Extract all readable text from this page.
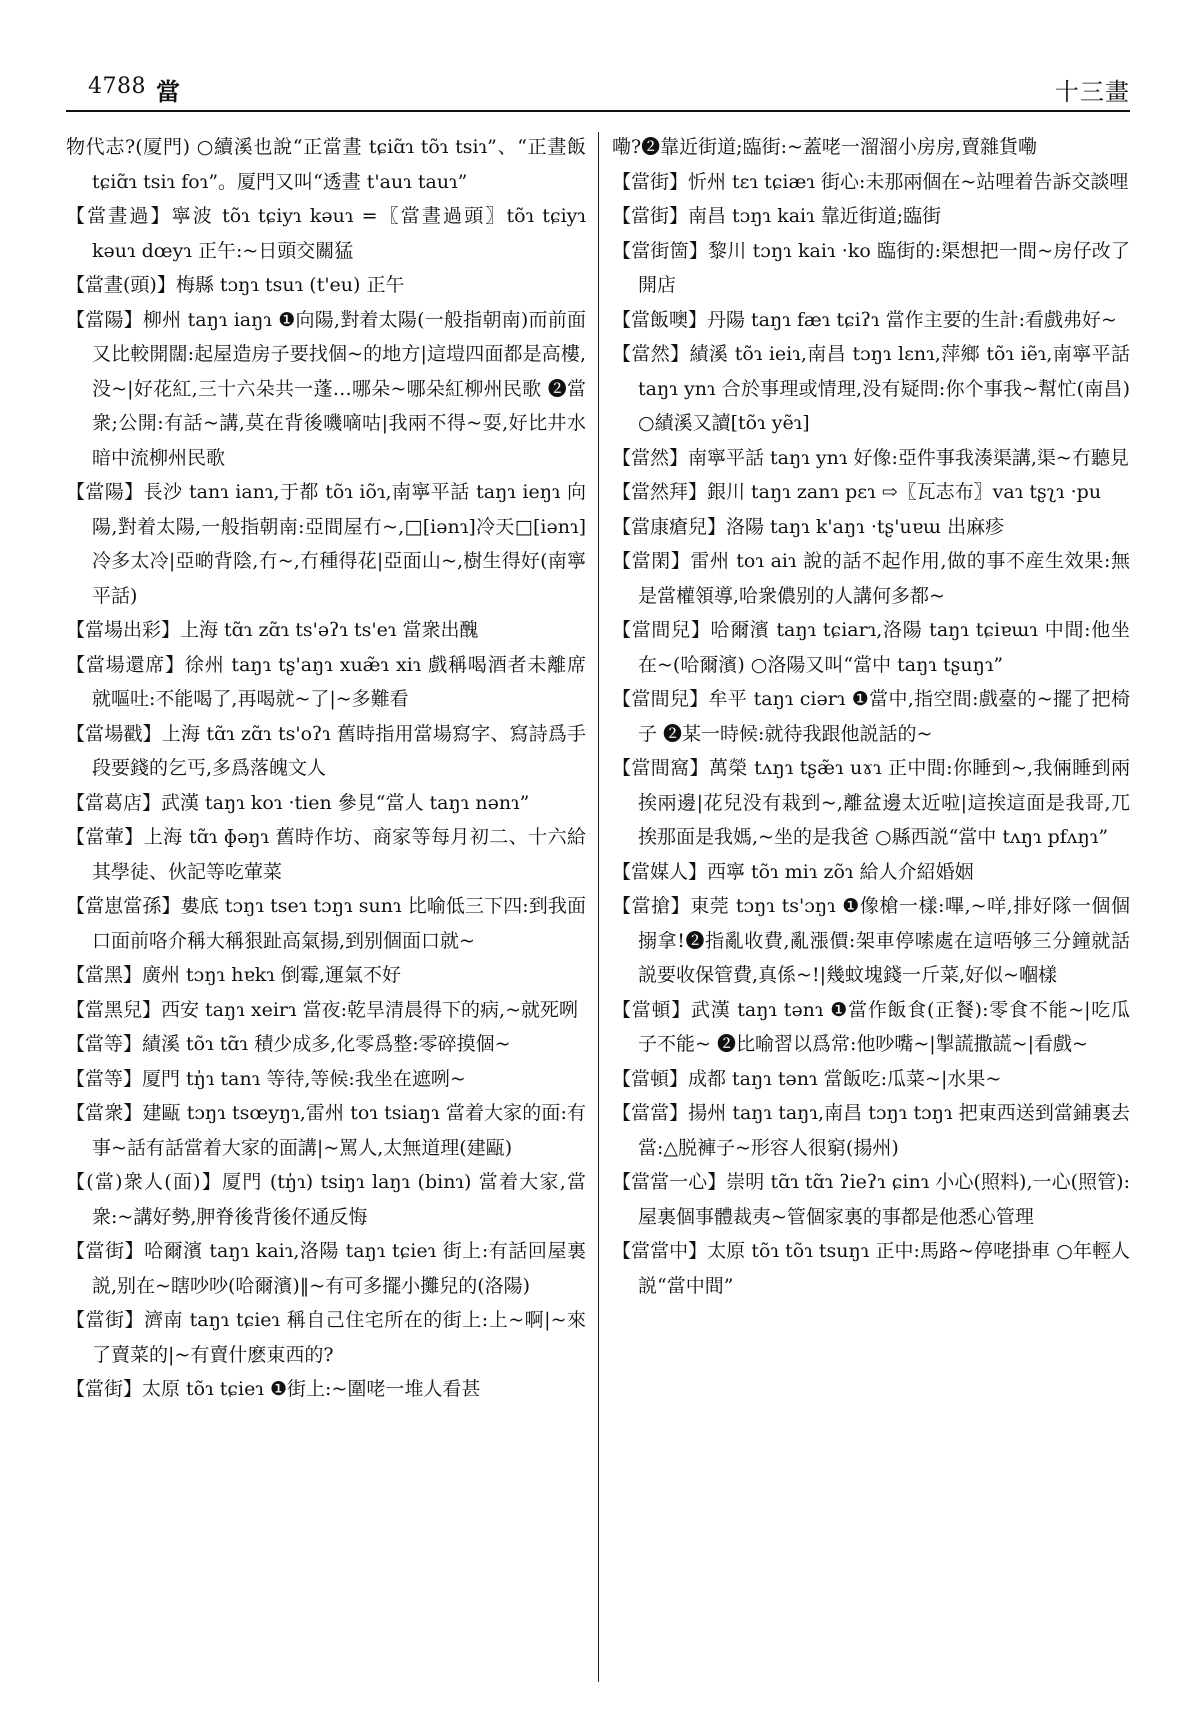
4788 當	十三畫

物代志?(厦門) ○續溪也說“正當晝 tɕiɑ̃ɿ tõɿ tsiɿ”、“正晝飯 tɕiɑ̃ɿ tsiɿ foɿ”。厦門又叫“透晝 t'auɿ tauɿ”

【當晝過】寧波 tõɿ tɕiyɿ kəuɿ =〖當晝過頭〗tõɿ tɕiyɿ kəuɿ dœyɿ 正午:~日頭交關猛

【當晝(頭)】梅縣 tɔŋɿ tsuɿ (t'eu) 正午

【當陽】柳州 taŋɿ iaŋɿ ❶向陽,對着太陽(一般指朝南)而前面又比較開闊:起屋造房子要找個~的地方|這塏四面都是高樓,没~|好花紅,三十六朵共一蓬…哪朵~哪朵紅柳州民歌 ❷當衆;公開:有話~講,莫在背後嘰嘀咕|我兩不得~耍,好比井水暗中流柳州民歌

【當陽】長沙 tanɿ ianɿ,于都 tõɿ iõɿ,南寧平話 taŋɿ ieŋɿ 向陽,對着太陽,一般指朝南:亞間屋冇~,□[iənɿ]冷天□[iənɿ]冷多太冷|亞啲背陰,冇~,冇種得花|亞面山~,樹生得好(南寧平話)

【當場出彩】上海 tɑ̃ɿ zɑ̃ɿ ts'əʔɿ ts'eɿ 當衆出醜

【當場還席】徐州 taŋɿ tʂ'aŋɿ xuæ̃ɿ xiɿ 戲稱喝酒者未離席就嘔吐:不能喝了,再喝就~了|~多難看

【當場戳】上海 tɑ̃ɿ zɑ̃ɿ ts'oʔɿ 舊時指用當場寫字、寫詩爲手段要錢的乞丐,多爲落魄文人

【當葛店】武漢 taŋɿ koɿ ·tien 參見“當人 taŋɿ nənɿ”

【當葷】上海 tɑ̃ɿ ɸəŋɿ 舊時作坊、商家等每月初二、十六給其學徒、伙記等吃葷菜

【當崽當孫】婁底 tɔŋɿ tseɿ tɔŋɿ sunɿ 比喻低三下四:到我面口面前咯介稱大稱狠趾高氣揚,到别個面口就~

【當黑】廣州 tɔŋɿ hɐkɿ 倒霉,運氣不好

【當黑兒】西安 taŋɿ xeirɿ 當夜:乾旱清晨得下的病,~就死咧

【當等】績溪 tõɿ tɑ̃ɿ 積少成多,化零爲整:零碎摸個~

【當等】厦門 tŋ̍ɿ tanɿ 等待,等候:我坐在遮咧~

【當衆】建甌 tɔŋɿ tsœyŋɿ,雷州 toɿ tsiaŋɿ 當着大家的面:有事~話有話當着大家的面講|~罵人,太無道理(建甌)

【(當)衆人(面)】厦門 (tŋ̍ɿ) tsiŋɿ laŋɿ (binɿ) 當着大家,當衆:~講好勢,胛脊後背後伓通反悔

【當街】哈爾濱 taŋɿ kaiɿ,洛陽 taŋɿ tɕieɿ 街上:有話回屋裏説,别在~瞎吵吵(哈爾濱)‖~有可多擺小攤兒的(洛陽)

【當街】濟南 taŋɿ tɕieɿ 稱自己住宅所在的街上:上~啊|~來了賣菜的|~有賣什麽東西的?

【當街】太原 tõɿ tɕieɿ ❶街上:~圍咾一堆人看甚

嘞?❷靠近街道;臨街:~蓋咾一溜溜小房房,賣雜貨嘞

【當街】忻州 tɛɿ tɕiæɿ 街心:未那兩個在~站哩着告訴交談哩

【當街】南昌 tɔŋɿ kaiɿ 靠近街道;臨街

【當街箇】黎川 tɔŋɿ kaiɿ ·ko 臨街的:渠想把一間~房仔改了開店

【當飯噢】丹陽 taŋɿ fæɿ tɕiʔɿ 當作主要的生計:看戲弗好~

【當然】績溪 tõɿ ieiɿ,南昌 tɔŋɿ lɛnɿ,萍鄉 tõɿ iẽɿ,南寧平話 taŋɿ ynɿ 合於事理或情理,没有疑問:你个事我~幫忙(南昌) ○績溪又讀[tõɿ yẽɿ]

【當然】南寧平話 taŋɿ ynɿ 好像:亞件事我湊渠講,渠~冇聽見

【當然拜】銀川 taŋɿ zanɿ pɛɿ ⇨〖瓦志布〗vaɿ tʂʅɿ ·pu

【當康瘡兒】洛陽 taŋɿ k'aŋɿ ·tʂ'uɐɯ 出麻疹

【當閑】雷州 toɿ aiɿ 說的話不起作用,做的事不産生效果:無是當權領導,哈衆儂别的人講何多都~

【當間兒】哈爾濱 taŋɿ tɕiarɿ,洛陽 taŋɿ tɕiɐɯɿ 中間:他坐在~(哈爾濱) ○洛陽又叫“當中 taŋɿ tʂuŋɿ”

【當間兒】牟平 taŋɿ ciərɿ ❶當中,指空間:戲臺的~擺了把椅子 ❷某一時候:就待我跟他説話的~

【當間窩】萬榮 tʌŋɿ tʂæ̃ɿ uɤɿ 正中間:你睡到~,我倆睡到兩挨兩邊|花兒没有栽到~,離盆邊太近啦|這挨這面是我哥,兀挨那面是我媽,~坐的是我爸 ○縣西説“當中 tʌŋɿ pfʌŋɿ”

【當媒人】西寧 tõɿ miɿ zõɿ 給人介紹婚姻

【當搶】東莞 tɔŋɿ ts'ɔŋɿ ❶像槍一樣:嗶,~咩,排好隊一個個搦拿!❷指亂收費,亂漲價:架車停嗦處在這唔够三分鐘就話説要收保管費,真係~!|幾蚊塊錢一斤菜,好似~嗰樣

【當頓】武漢 taŋɿ tənɿ ❶當作飯食(正餐):零食不能~|吃瓜子不能~ ❷比喻習以爲常:他吵嘴~|掣謊撒謊~|看戲~

【當頓】成都 taŋɿ tənɿ 當飯吃:瓜菜~|水果~

【當當】揚州 taŋɿ taŋɿ,南昌 tɔŋɿ tɔŋɿ 把東西送到當鋪裏去當:△脱褲子~形容人很窮(揚州)

【當當一心】崇明 tɑ̃ɿ tɑ̃ɿ ʔieʔɿ ɕinɿ 小心(照料),一心(照管):屋裏個事體裁夷~管個家裏的事都是他悉心管理

【當當中】太原 tõɿ tõɿ tsuŋɿ 正中:馬路~停咾掛車 ○年輕人説“當中間”
